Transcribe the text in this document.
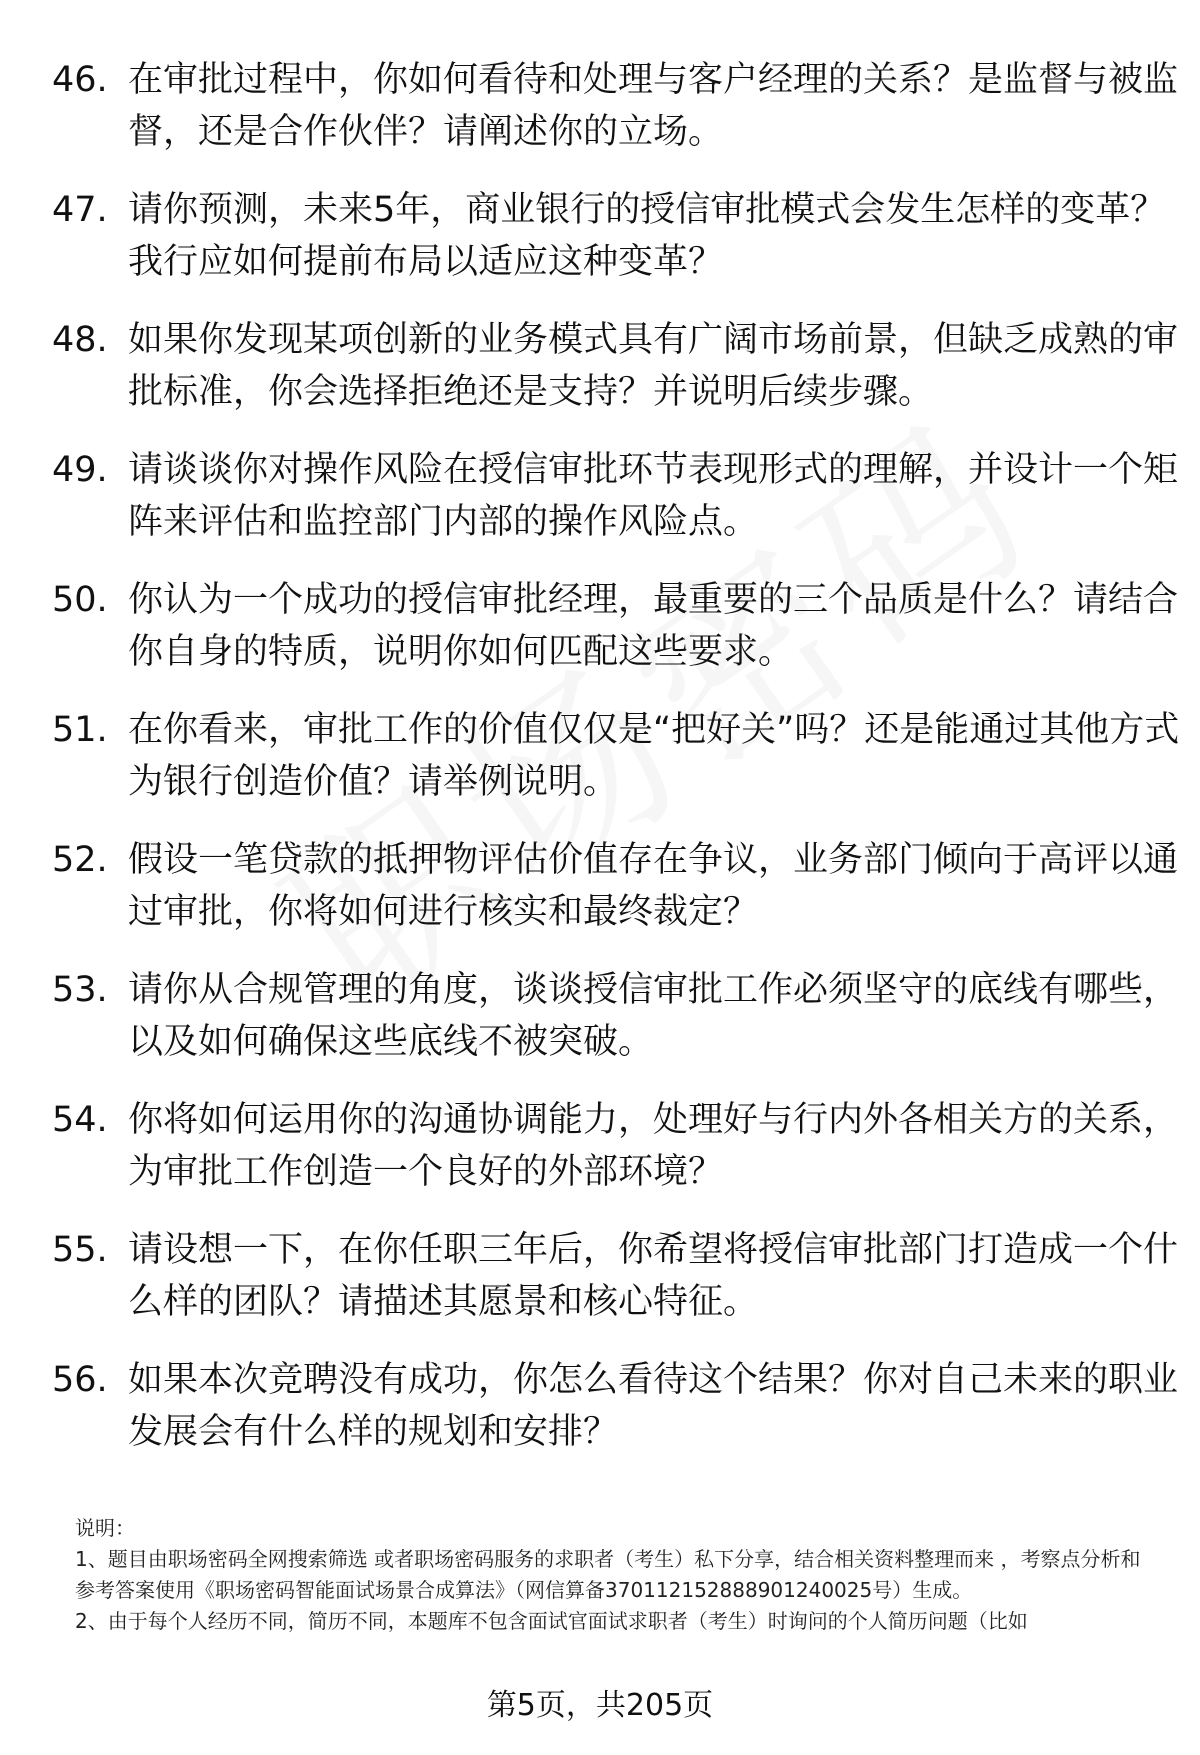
46. 在审批过程中，你如何看待和处理与客户经理的关系？是监督与被监督，还是合作伙伴？请阐述你的立场。
47. 请你预测，未来5年，商业银行的授信审批模式会发生怎样的变革？我行应如何提前布局以适应这种变革？
48. 如果你发现某项创新的业务模式具有广阔市场前景，但缺乏成熟的审批标准，你会选择拒绝还是支持？并说明后续步骤。
49. 请谈谈你对操作风险在授信审批环节表现形式的理解，并设计一个矩阵来评估和监控部门内部的操作风险点。
50. 你认为一个成功的授信审批经理，最重要的三个品质是什么？请结合你自身的特质，说明你如何匹配这些要求。
51. 在你看来，审批工作的价值仅仅是“把好关”吗？还是能通过其他方式为银行创造价值？请举例说明。
52. 假设一笔贷款的抵押物评估价值存在争议，业务部门倾向于高评以通过审批，你将如何进行核实和最终裁定？
53. 请你从合规管理的角度，谈谈授信审批工作必须坚守的底线有哪些，以及如何确保这些底线不被突破。
54. 你将如何运用你的沟通协调能力，处理好与行内外各相关方的关系，为审批工作创造一个良好的外部环境？
55. 请设想一下，在你任职三年后，你希望将授信审批部门打造成一个什么样的团队？请描述其愿景和核心特征。
56. 如果本次竞聘没有成功，你怎么看待这个结果？你对自己未来的职业发展会有什么样的规划和安排？

说明：

1、题目由职场密码全网搜索筛选 或者职场密码服务的求职者（考生）私下分享，结合相关资料整理而来 ，考察点分析和参考答案使用《职场密码智能面试场景合成算法》（网信算备370112152888901240025号）生成。

2、由于每个人经历不同，简历不同，本题库不包含面试官面试求职者（考生）时询问的个人简历问题（比如

第5页，共205页
